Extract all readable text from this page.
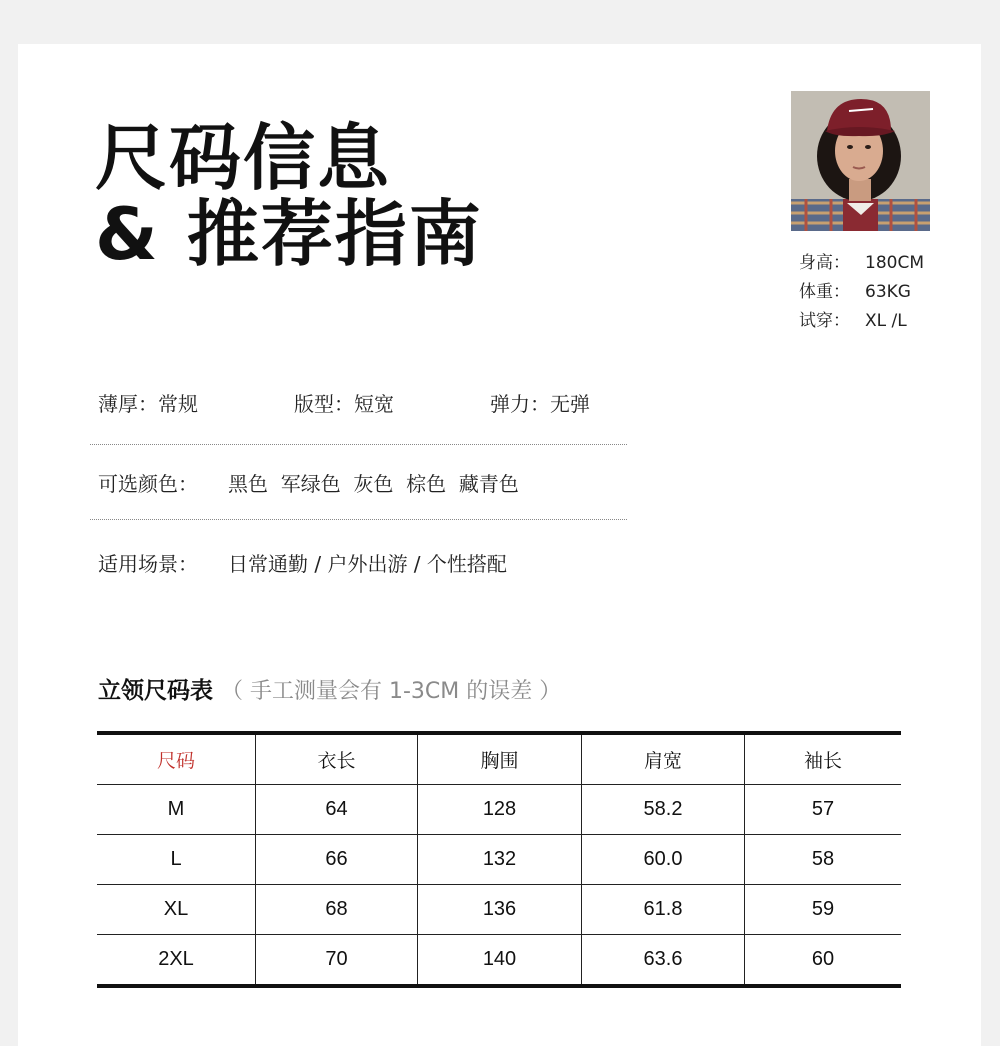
尺码信息
& 推荐指南	身高： 180CM
体重： 63KG
试穿： XL /L
薄厚：常规	版型：短宽	弹力：无弹
可选颜色： 黑色  军绿色  灰色  棕色  藏青色
适用场景： 日常通勤 / 户外出游 / 个性搭配
立领尺码表 （ 手工测量会有 1-3CM 的误差 ）
尺码	衣长	胸围	肩宽	袖长
M	64	128	58.2	57
L	66	132	60.0	58
XL	68	136	61.8	59
2XL	70	140	63.6	60
